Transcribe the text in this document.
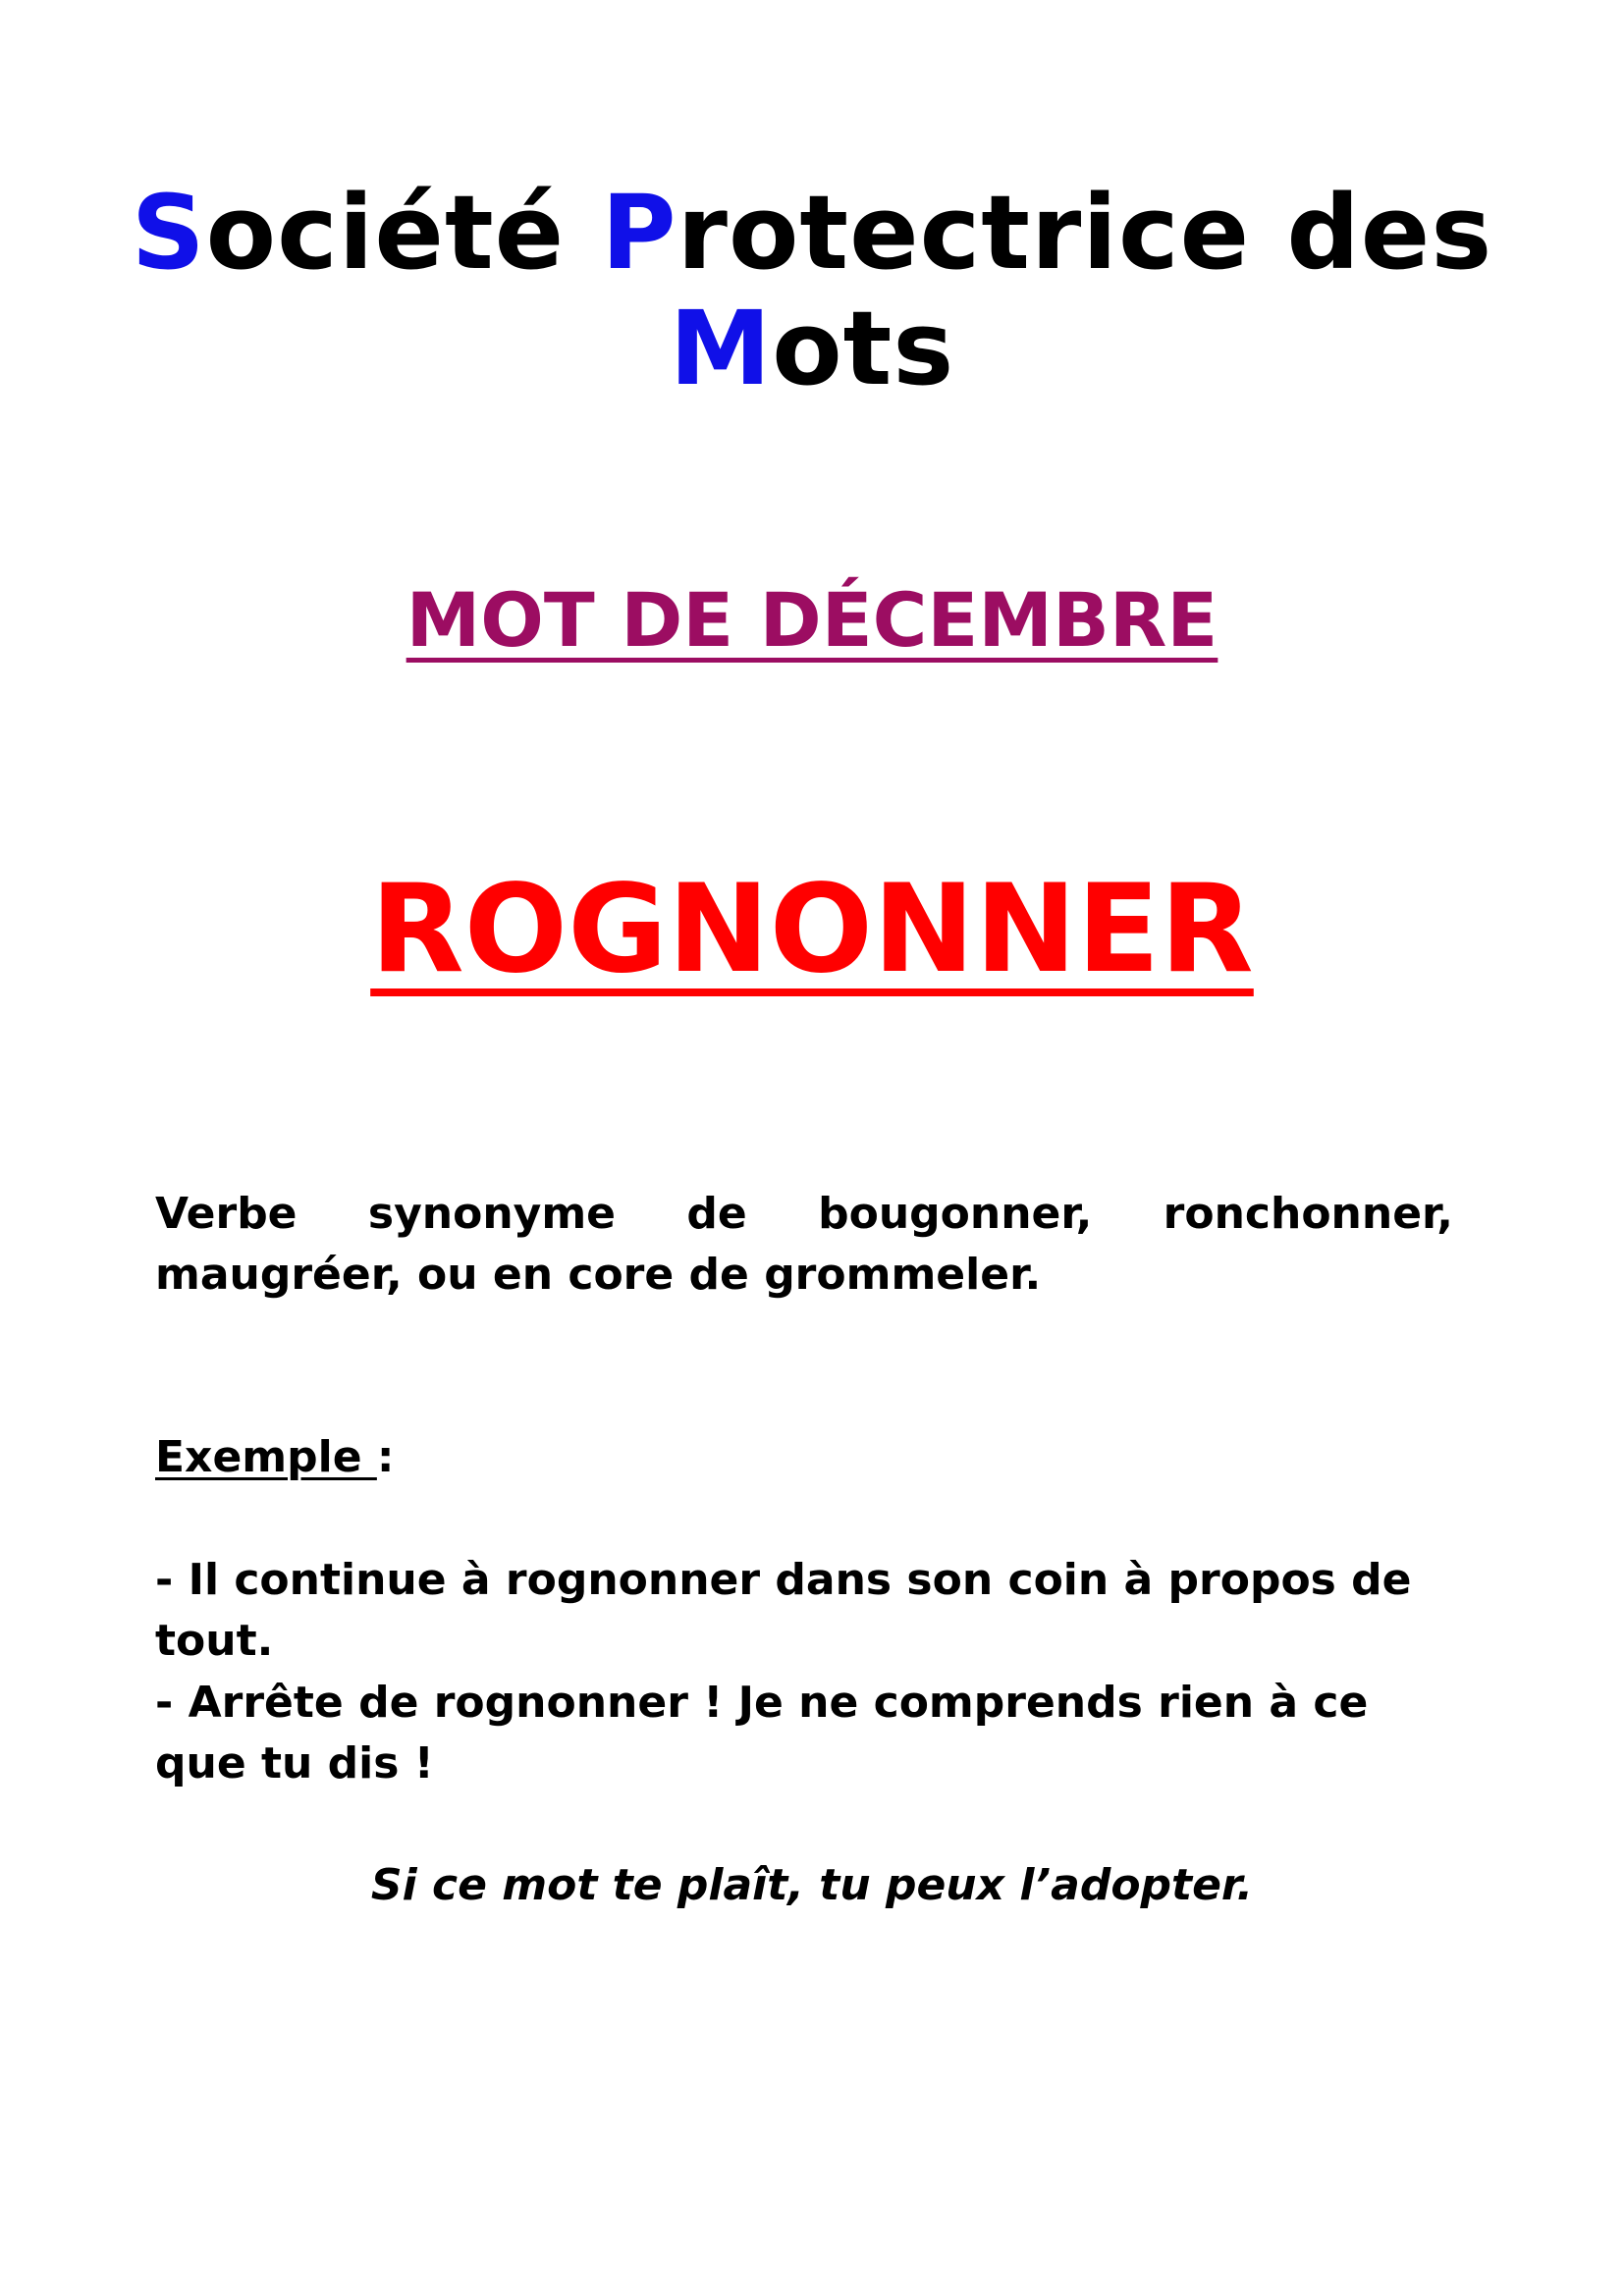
Société Protectrice des
Mots
MOT DE DÉCEMBRE
ROGNONNER

Verbe synonyme de bougonner, ronchonner, maugréer, ou en core de grommeler.

Exemple :

- Il continue à rognonner dans son coin à propos de tout.

- Arrête de rognonner ! Je ne comprends rien à ce que tu dis !

Si ce mot te plaît, tu peux l’adopter.
